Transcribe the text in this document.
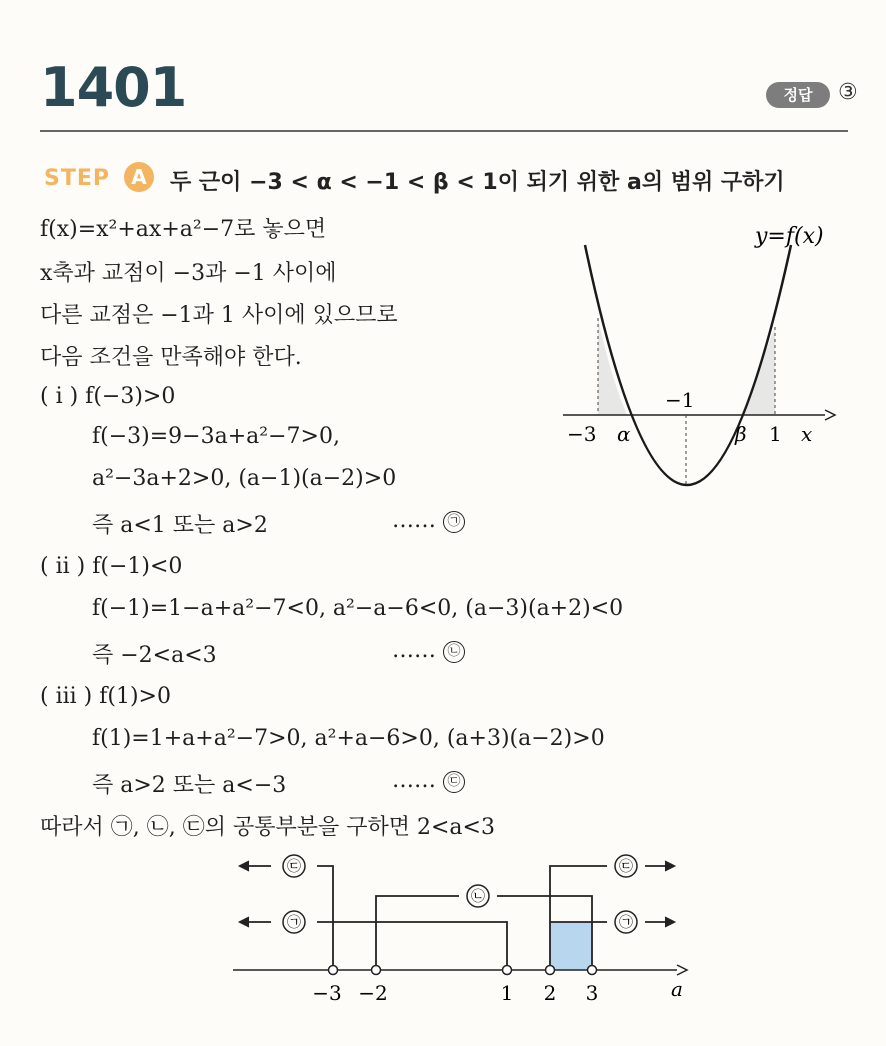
1401	정답	③
STEP	A	두 근이 −3 < α < −1 < β < 1이 되기 위한 a의 범위 구하기
f(x)=x²+ax+a²−7로 놓으면
x축과 교점이 −3과 −1 사이에
다른 교점은 −1과 1 사이에 있으므로
다음 조건을 만족해야 한다.
( i ) f(−3)>0
f(−3)=9−3a+a²−7>0,
a²−3a+2>0, (a−1)(a−2)>0
즉 a<1 또는 a>2	…… ㉠
( ii ) f(−1)<0
f(−1)=1−a+a²−7<0, a²−a−6<0, (a−3)(a+2)<0
즉 −2<a<3	…… ㉡
( iii ) f(1)>0
f(1)=1+a+a²−7>0, a²+a−6>0, (a+3)(a−2)>0
즉 a>2 또는 a<−3	…… ㉢
따라서 ㉠, ㉡, ㉢의 공통부분을 구하면 2<a<3
y=f(x)
−3 α
−1
β 1 x
㉢	㉢
㉡
㉠	㉠
−3 −2	1 2 3	a
